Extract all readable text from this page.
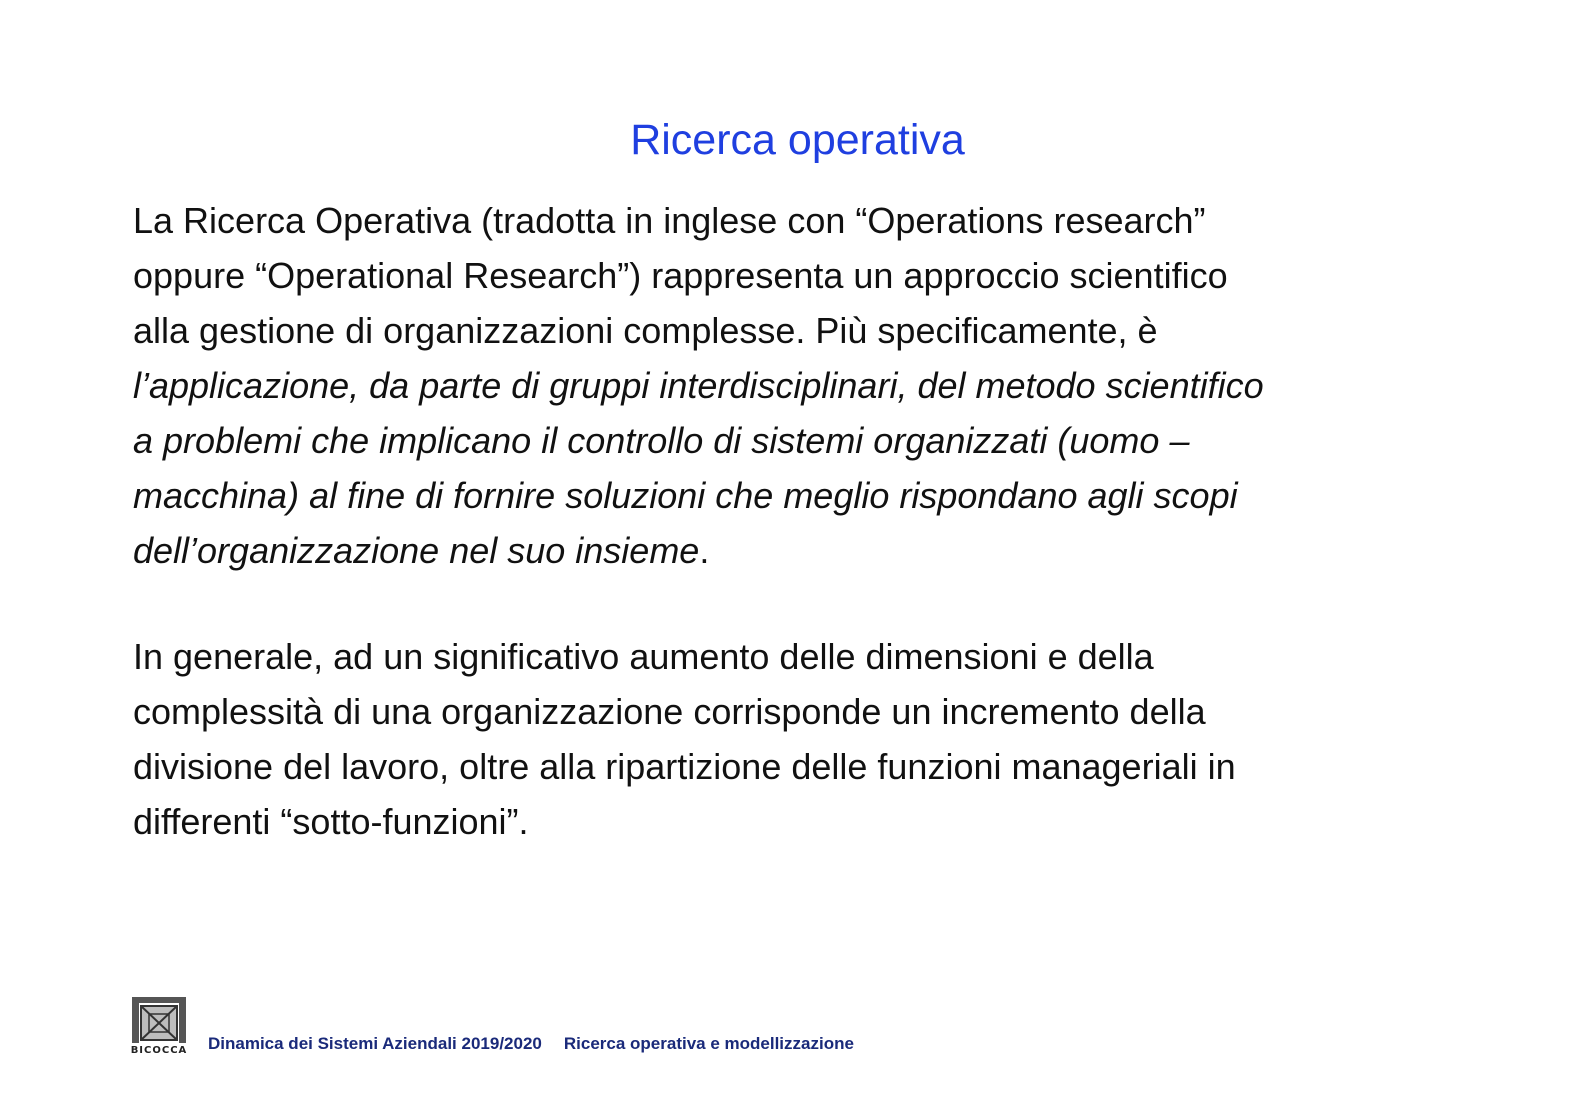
Ricerca operativa
La Ricerca Operativa (tradotta in inglese con “Operations research”
oppure “Operational Research”) rappresenta un approccio scientifico
alla gestione di organizzazioni complesse. Più specificamente, è
l’applicazione, da parte di gruppi interdisciplinari, del metodo scientifico
a problemi che implicano il controllo di sistemi organizzati (uomo –
macchina) al fine di fornire soluzioni che meglio rispondano agli scopi
dell’organizzazione nel suo insieme.
In generale, ad un significativo aumento delle dimensioni e della
complessità di una organizzazione corrisponde un incremento della
divisione del lavoro, oltre alla ripartizione delle funzioni manageriali in
differenti “sotto-funzioni”.
BICOCCA Dinamica dei Sistemi Aziendali 2019/2020 Ricerca operativa e modellizzazione
